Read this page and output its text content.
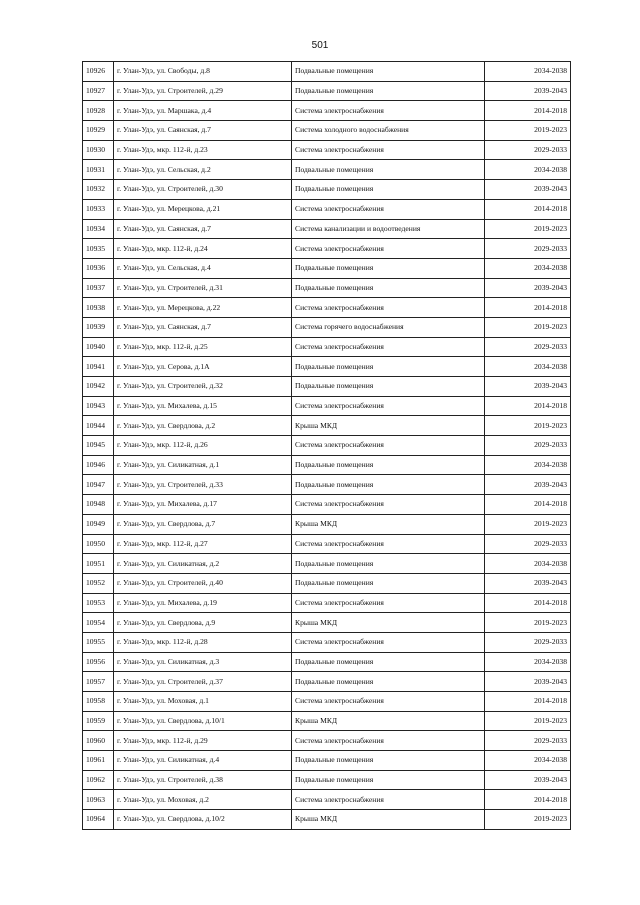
501
10926	г. Улан-Удэ, ул. Свободы, д.8	Подвальные помещения	2034-2038
10927	г. Улан-Удэ, ул. Строителей, д.29	Подвальные помещения	2039-2043
10928	г. Улан-Удэ, ул. Маршака, д.4	Система электроснабжения	2014-2018
10929	г. Улан-Удэ, ул. Саянская, д.7	Система холодного водоснабжения	2019-2023
10930	г. Улан-Удэ, мкр. 112-й, д.23	Система электроснабжения	2029-2033
10931	г. Улан-Удэ, ул. Сельская, д.2	Подвальные помещения	2034-2038
10932	г. Улан-Удэ, ул. Строителей, д.30	Подвальные помещения	2039-2043
10933	г. Улан-Удэ, ул. Мерецкова, д.21	Система электроснабжения	2014-2018
10934	г. Улан-Удэ, ул. Саянская, д.7	Система канализации и водоотведения	2019-2023
10935	г. Улан-Удэ, мкр. 112-й, д.24	Система электроснабжения	2029-2033
10936	г. Улан-Удэ, ул. Сельская, д.4	Подвальные помещения	2034-2038
10937	г. Улан-Удэ, ул. Строителей, д.31	Подвальные помещения	2039-2043
10938	г. Улан-Удэ, ул. Мерецкова, д.22	Система электроснабжения	2014-2018
10939	г. Улан-Удэ, ул. Саянская, д.7	Система горячего водоснабжения	2019-2023
10940	г. Улан-Удэ, мкр. 112-й, д.25	Система электроснабжения	2029-2033
10941	г. Улан-Удэ, ул. Серова, д.1А	Подвальные помещения	2034-2038
10942	г. Улан-Удэ, ул. Строителей, д.32	Подвальные помещения	2039-2043
10943	г. Улан-Удэ, ул. Михалева, д.15	Система электроснабжения	2014-2018
10944	г. Улан-Удэ, ул. Свердлова, д.2	Крыша МКД	2019-2023
10945	г. Улан-Удэ, мкр. 112-й, д.26	Система электроснабжения	2029-2033
10946	г. Улан-Удэ, ул. Силикатная, д.1	Подвальные помещения	2034-2038
10947	г. Улан-Удэ, ул. Строителей, д.33	Подвальные помещения	2039-2043
10948	г. Улан-Удэ, ул. Михалева, д.17	Система электроснабжения	2014-2018
10949	г. Улан-Удэ, ул. Свердлова, д.7	Крыша МКД	2019-2023
10950	г. Улан-Удэ, мкр. 112-й, д.27	Система электроснабжения	2029-2033
10951	г. Улан-Удэ, ул. Силикатная, д.2	Подвальные помещения	2034-2038
10952	г. Улан-Удэ, ул. Строителей, д.40	Подвальные помещения	2039-2043
10953	г. Улан-Удэ, ул. Михалева, д.19	Система электроснабжения	2014-2018
10954	г. Улан-Удэ, ул. Свердлова, д.9	Крыша МКД	2019-2023
10955	г. Улан-Удэ, мкр. 112-й, д.28	Система электроснабжения	2029-2033
10956	г. Улан-Удэ, ул. Силикатная, д.3	Подвальные помещения	2034-2038
10957	г. Улан-Удэ, ул. Строителей, д.37	Подвальные помещения	2039-2043
10958	г. Улан-Удэ, ул. Моховая, д.1	Система электроснабжения	2014-2018
10959	г. Улан-Удэ, ул. Свердлова, д.10/1	Крыша МКД	2019-2023
10960	г. Улан-Удэ, мкр. 112-й, д.29	Система электроснабжения	2029-2033
10961	г. Улан-Удэ, ул. Силикатная, д.4	Подвальные помещения	2034-2038
10962	г. Улан-Удэ, ул. Строителей, д.38	Подвальные помещения	2039-2043
10963	г. Улан-Удэ, ул. Моховая, д.2	Система электроснабжения	2014-2018
10964	г. Улан-Удэ, ул. Свердлова, д.10/2	Крыша МКД	2019-2023
